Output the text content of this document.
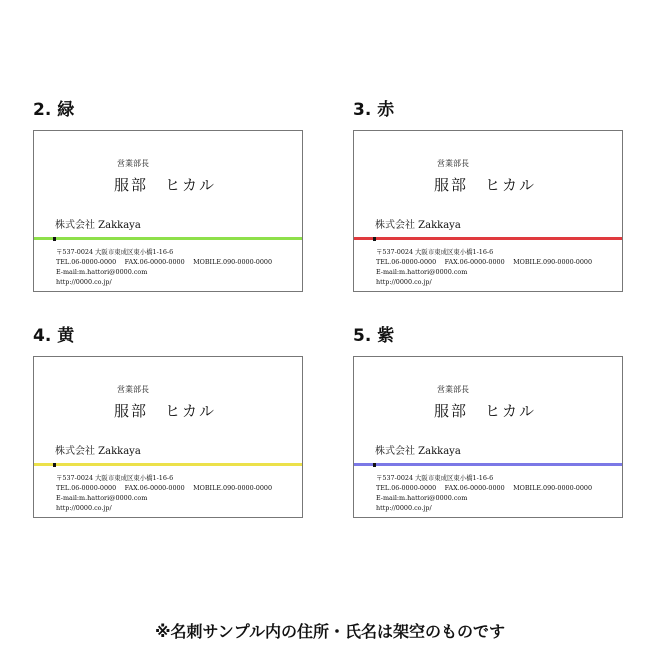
2. 緑
営業部長
服部　ヒカル
株式会社 Zakkaya
〒537-0024 大阪市東成区東小橋1-16-6
TEL.06-0000-0000　 FAX.06-0000-0000　 MOBILE.090-0000-0000
E-mail:m.hattori@0000.com
http://0000.co.jp/
3. 赤
営業部長
服部　ヒカル
株式会社 Zakkaya
〒537-0024 大阪市東成区東小橋1-16-6
TEL.06-0000-0000　 FAX.06-0000-0000　 MOBILE.090-0000-0000
E-mail:m.hattori@0000.com
http://0000.co.jp/
4. 黄
営業部長
服部　ヒカル
株式会社 Zakkaya
〒537-0024 大阪市東成区東小橋1-16-6
TEL.06-0000-0000　 FAX.06-0000-0000　 MOBILE.090-0000-0000
E-mail:m.hattori@0000.com
http://0000.co.jp/
5. 紫
営業部長
服部　ヒカル
株式会社 Zakkaya
〒537-0024 大阪市東成区東小橋1-16-6
TEL.06-0000-0000　 FAX.06-0000-0000　 MOBILE.090-0000-0000
E-mail:m.hattori@0000.com
http://0000.co.jp/
※名刺サンプル内の住所・氏名は架空のものです
